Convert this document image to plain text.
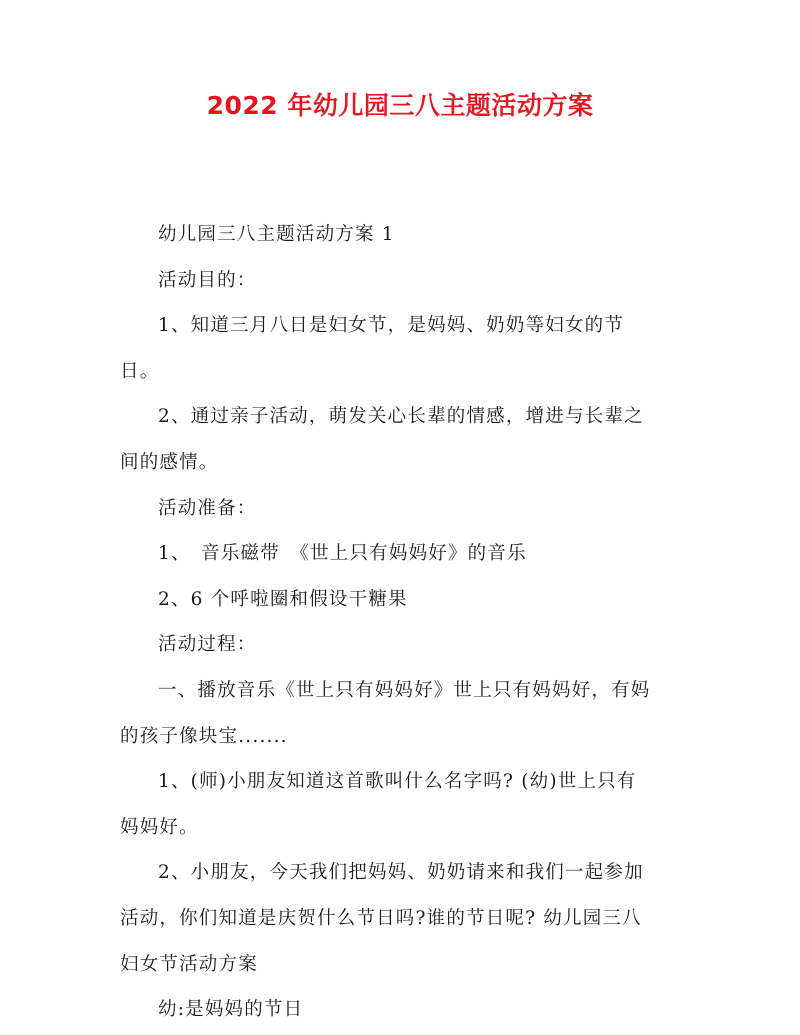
2022 年幼儿园三八主题活动方案

幼儿园三八主题活动方案 1

活动目的：

1、知道三月八日是妇女节，是妈妈、奶奶等妇女的节

日。

2、通过亲子活动，萌发关心长辈的情感，增进与长辈之

间的感情。

活动准备：

1、　音乐磁带　《世上只有妈妈好》的音乐

2、6 个呼啦圈和假设干糖果

活动过程：

一、播放音乐《世上只有妈妈好》世上只有妈妈好，有妈

的孩子像块宝.......

1、(师)小朋友知道这首歌叫什么名字吗? (幼)世上只有

妈妈好。

2、小朋友，今天我们把妈妈、奶奶请来和我们一起参加

活动，你们知道是庆贺什么节日吗?谁的节日呢? 幼儿园三八

妇女节活动方案

幼:是妈妈的节日
